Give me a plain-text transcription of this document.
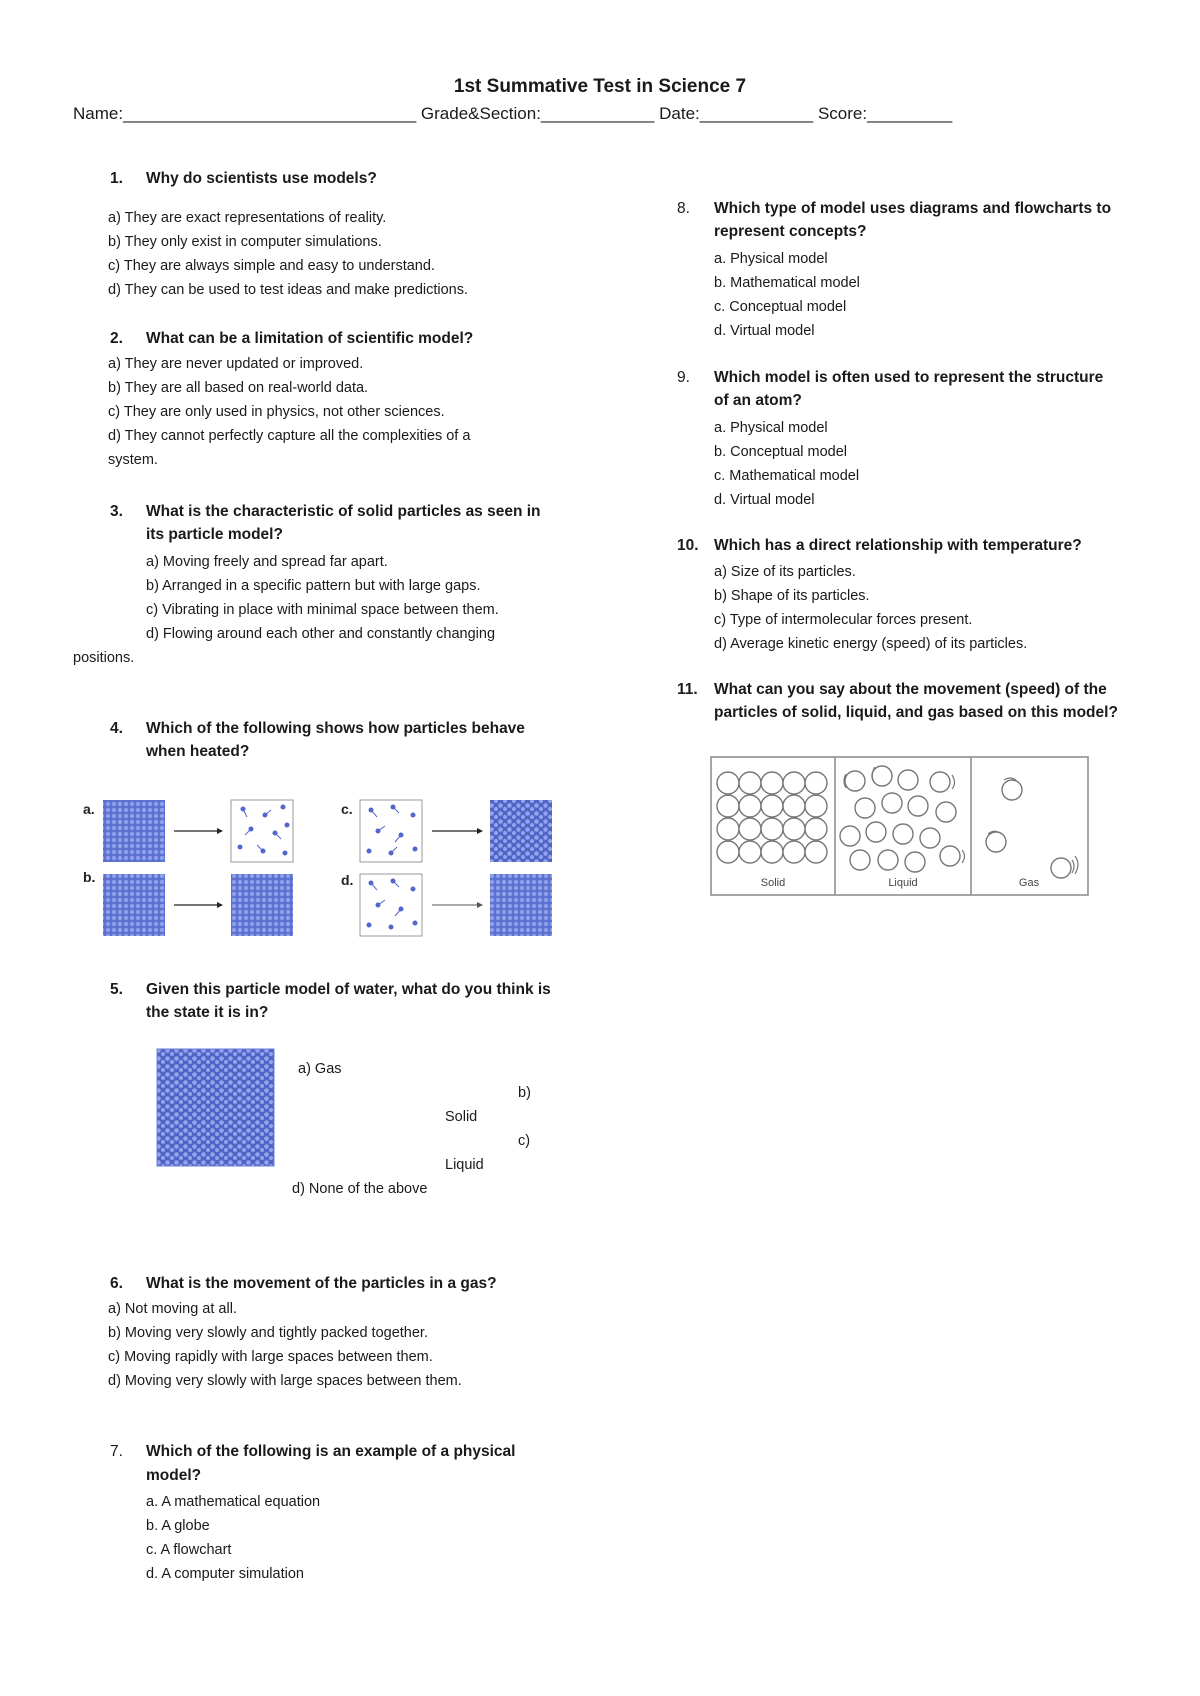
1st Summative Test in Science 7
Name:_______________________________ Grade&Section:____________ Date:____________ Score:_________
1. Why do scientists use models?
a) They are exact representations of reality.
b) They only exist in computer simulations.
c) They are always simple and easy to understand.
d) They can be used to test ideas and make predictions.
2. What can be a limitation of scientific model?
a) They are never updated or improved.
b) They are all based on real-world data.
c) They are only used in physics, not other sciences.
d) They cannot perfectly capture all the complexities of a
system.
3. What is the characteristic of solid particles as seen in
its particle model?
a) Moving freely and spread far apart.
b) Arranged in a specific pattern but with large gaps.
c) Vibrating in place with minimal space between them.
d) Flowing around each other and constantly changing
positions.
4. Which of the following shows how particles behave
when heated?
a.
b.
c.
d.
5. Given this particle model of water, what do you think is
the state it is in?
a) Gas
b)
Solid
c)
Liquid
d) None of the above
6. What is the movement of the particles in a gas?
a) Not moving at all.
b) Moving very slowly and tightly packed together.
c) Moving rapidly with large spaces between them.
d) Moving very slowly with large spaces between them.
7. Which of the following is an example of a physical
model?
a. A mathematical equation
b. A globe
c. A flowchart
d. A computer simulation
8. Which type of model uses diagrams and flowcharts to
represent concepts?
a. Physical model
b. Mathematical model
c. Conceptual model
d. Virtual model
9. Which model is often used to represent the structure
of an atom?
a. Physical model
b. Conceptual model
c. Mathematical model
d. Virtual model
10. Which has a direct relationship with temperature?
a) Size of its particles.
b) Shape of its particles.
c) Type of intermolecular forces present.
d) Average kinetic energy (speed) of its particles.
11. What can you say about the movement (speed) of the
particles of solid, liquid, and gas based on this model?
Solid	Liquid	Gas
